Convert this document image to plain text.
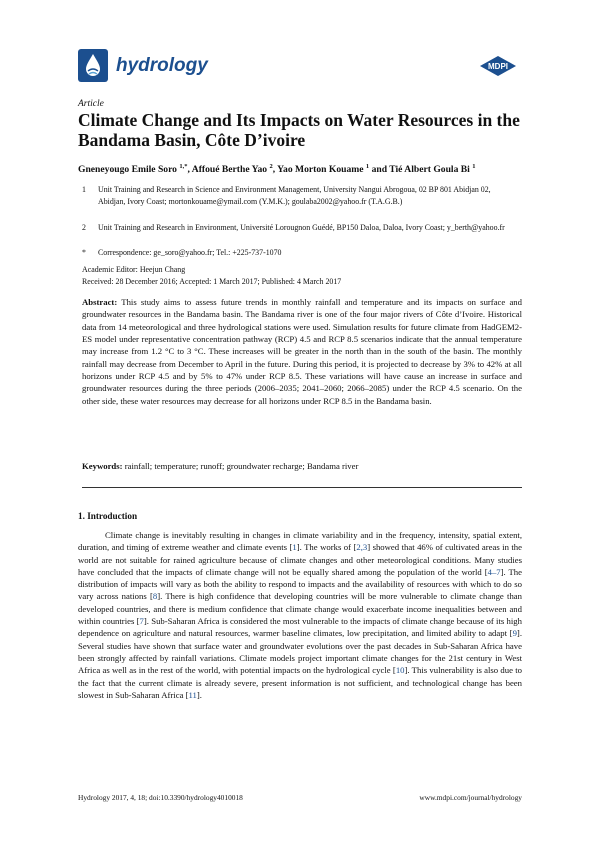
hydrology	MDPI
Article
Climate Change and Its Impacts on Water Resources in the Bandama Basin, Côte D’ivoire
Gneneyougo Emile Soro $^{1,*}$, Affoué Berthe Yao $^2$, Yao Morton Kouame $^1$ and Tié Albert Goula Bi $^1$
1 Unit Training and Research in Science and Environment Management, University Nangui Abrogoua, 02 BP 801 Abidjan 02, Abidjan, Ivory Coast; mortonkouame@ymail.com (Y.M.K.); goulaba2002@yahoo.fr (T.A.G.B.)
2 Unit Training and Research in Environment, Université Lorougnon Guédé, BP150 Daloa, Daloa, Ivory Coast; y_berth@yahoo.fr
* Correspondence: ge_soro@yahoo.fr; Tel.: +225-737-1070
Academic Editor: Heejun Chang
Received: 28 December 2016; Accepted: 1 March 2017; Published: 4 March 2017
Abstract: This study aims to assess future trends in monthly rainfall and temperature and its impacts on surface and groundwater resources in the Bandama basin. The Bandama river is one of the four major rivers of Côte d’Ivoire. Historical data from 14 meteorological and three hydrological stations were used. Simulation results for future climate from HadGEM2-ES model under representative concentration pathway (RCP) 4.5 and RCP 8.5 scenarios indicate that the annual temperature may increase from 1.2 °C to 3 °C. These increases will be greater in the north than in the south of the basin. The monthly rainfall may decrease from December to April in the future. During this period, it is projected to decrease by 3% to 42% at all horizons under RCP 4.5 and by 5% to 47% under RCP 8.5. These variations will have cause an increase in surface and groundwater resources during the three periods (2006–2035; 2041–2060; 2066–2085) under the RCP 4.5 scenario. On the other side, these water resources may decrease for all horizons under RCP 8.5 in the Bandama basin.
Keywords: rainfall; temperature; runoff; groundwater recharge; Bandama river
1. Introduction
Climate change is inevitably resulting in changes in climate variability and in the frequency, intensity, spatial extent, duration, and timing of extreme weather and climate events [1]. The works of [2,3] showed that 46% of cultivated areas in the world are not suitable for rained agriculture because of climate changes and other meteorological conditions. Many studies have concluded that the impacts of climate change will not be equally shared among the population of the world [4–7]. The distribution of impacts will vary as both the ability to respond to impacts and the availability of resources with which to do so vary across nations [8]. There is high confidence that developing countries will be more vulnerable to climate change than developed countries, and there is medium confidence that climate change would exacerbate income inequalities between and within countries [7]. Sub-Saharan Africa is considered the most vulnerable to the impacts of climate change because of its high dependence on agriculture and natural resources, warmer baseline climates, low precipitation, and limited ability to adapt [9]. Several studies have shown that surface water and groundwater evolutions over the past decades in Sub-Saharan Africa have been strongly affected by rainfall variations. Climate models project important climate changes for the 21st century in West Africa as well as in the rest of the world, with potential impacts on the hydrological cycle [10]. This vulnerability is also due to the fact that the current climate is already severe, present information is not sufficient, and technological change has been slowest in Sub-Saharan Africa [11].
Hydrology 2017, 4, 18; doi:10.3390/hydrology4010018	www.mdpi.com/journal/hydrology
